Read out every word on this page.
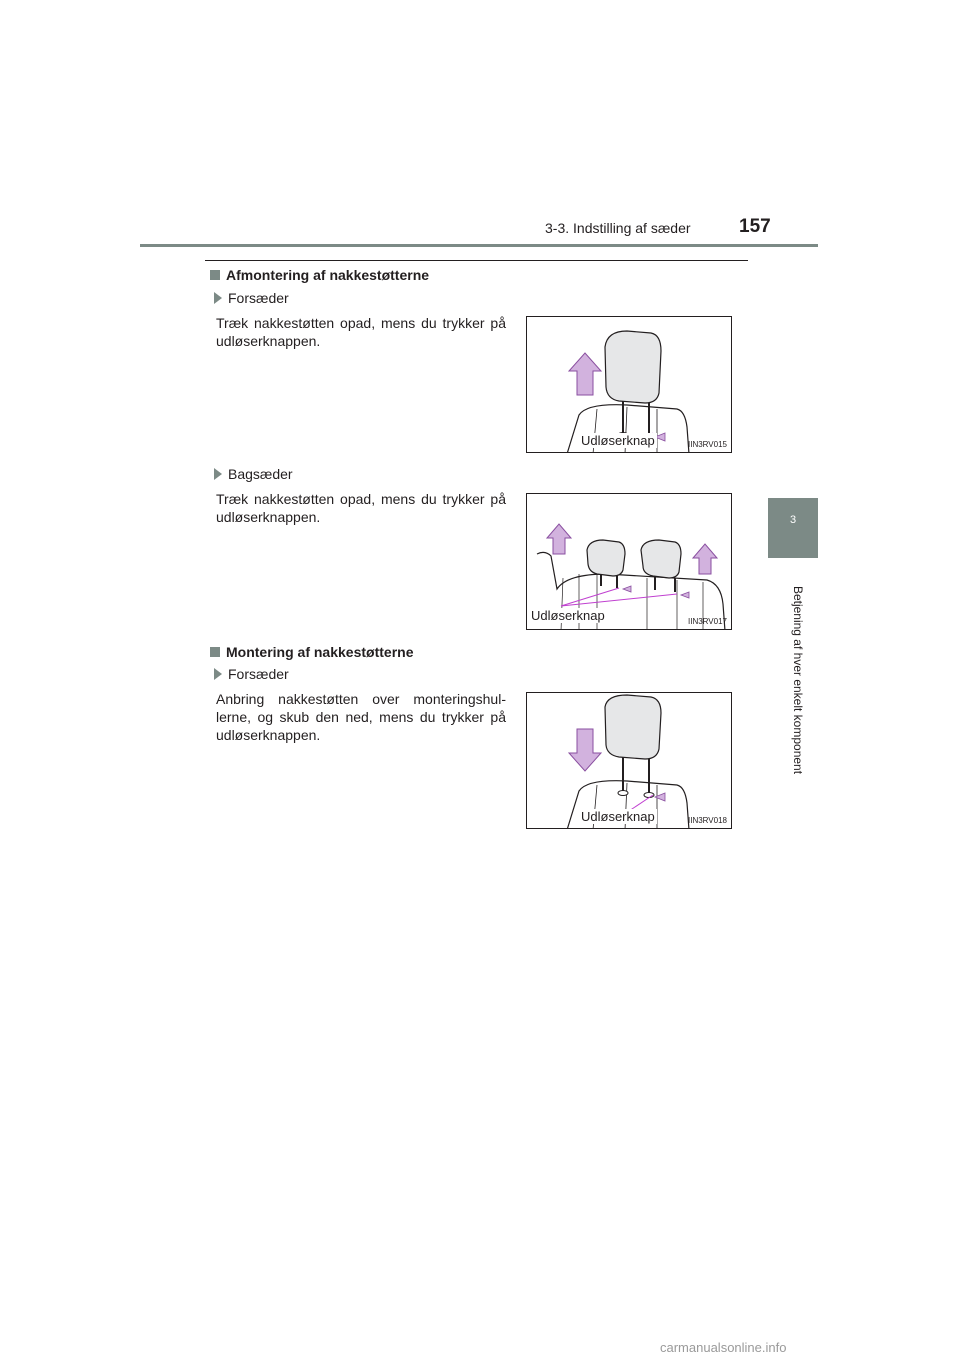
3-3. Indstilling af sæder	157
3
Betjening af hver enkelt komponent
Afmontering af nakkestøtterne
Forsæder
Træk nakkestøtten opad, mens du trykker på udløserknappen.
Udløserknap	IIN3RV015
Bagsæder
Træk nakkestøtten opad, mens du trykker på udløserknappen.
Udløserknap	IIN3RV017
Montering af nakkestøtterne
Forsæder
Anbring nakkestøtten over monteringshul-lerne, og skub den ned, mens du trykker på udløserknappen.
Udløserknap	IIN3RV018
carmanualsonline.info
